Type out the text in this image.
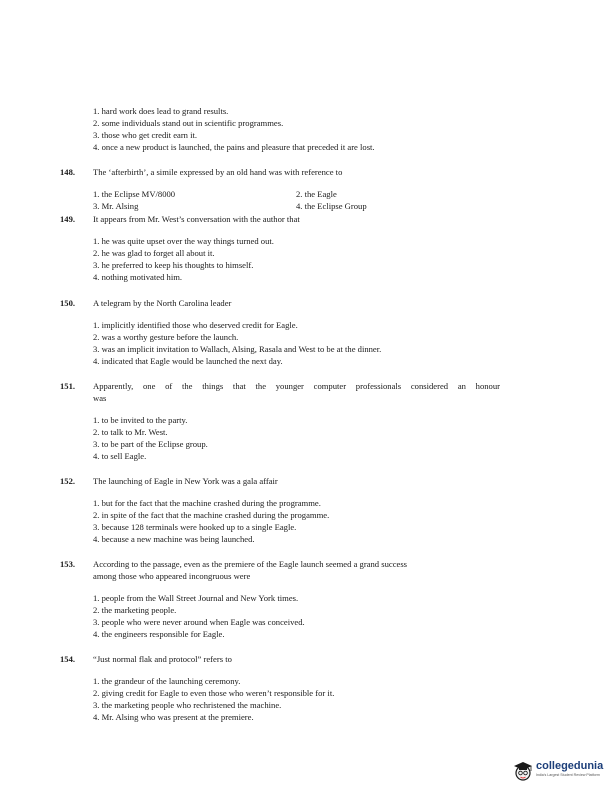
1. hard work does lead to grand results.
2. some individuals stand out in scientific programmes.
3. those who get credit earn it.
4. once a new product is launched, the pains and pleasure that preceded it are lost.
148.	The ‘afterbirth’, a simile expressed by an old hand was with reference to
1. the Eclipse MV/8000	2. the Eagle
3. Mr. Alsing	4. the Eclipse Group
149.	It appears from Mr. West’s conversation with the author that
1. he was quite upset over the way things turned out.
2. he was glad to forget all about it.
3. he preferred to keep his thoughts to himself.
4. nothing motivated him.
150.	A telegram by the North Carolina leader
1. implicitly identified those who deserved credit for Eagle.
2. was a worthy gesture before the launch.
3. was an implicit invitation to Wallach, Alsing, Rasala and West to be at the dinner.
4. indicated that Eagle would be launched the next day.
151.	Apparently, one of the things that the younger computer professionals considered an honour
was
1. to be invited to the party.
2. to talk to Mr. West.
3. to be part of the Eclipse group.
4. to sell Eagle.
152.	The launching of Eagle in New York was a gala affair
1. but for the fact that the machine crashed during the programme.
2. in spite of the fact that the machine crashed during the progamme.
3. because 128 terminals were hooked up to a single Eagle.
4. because a new machine was being launched.
153.	According to the passage, even as the premiere of the Eagle launch seemed a grand success
among those who appeared incongruous were
1. people from the Wall Street Journal and New York times.
2. the marketing people.
3. people who were never around when Eagle was conceived.
4. the engineers responsible for Eagle.
154.	“Just normal flak and protocol” refers to
1. the grandeur of the launching ceremony.
2. giving credit for Eagle to even those who weren’t responsible for it.
3. the marketing people who rechristened the machine.
4. Mr. Alsing who was present at the premiere.
collegedunia
India's Largest Student Review Platform
